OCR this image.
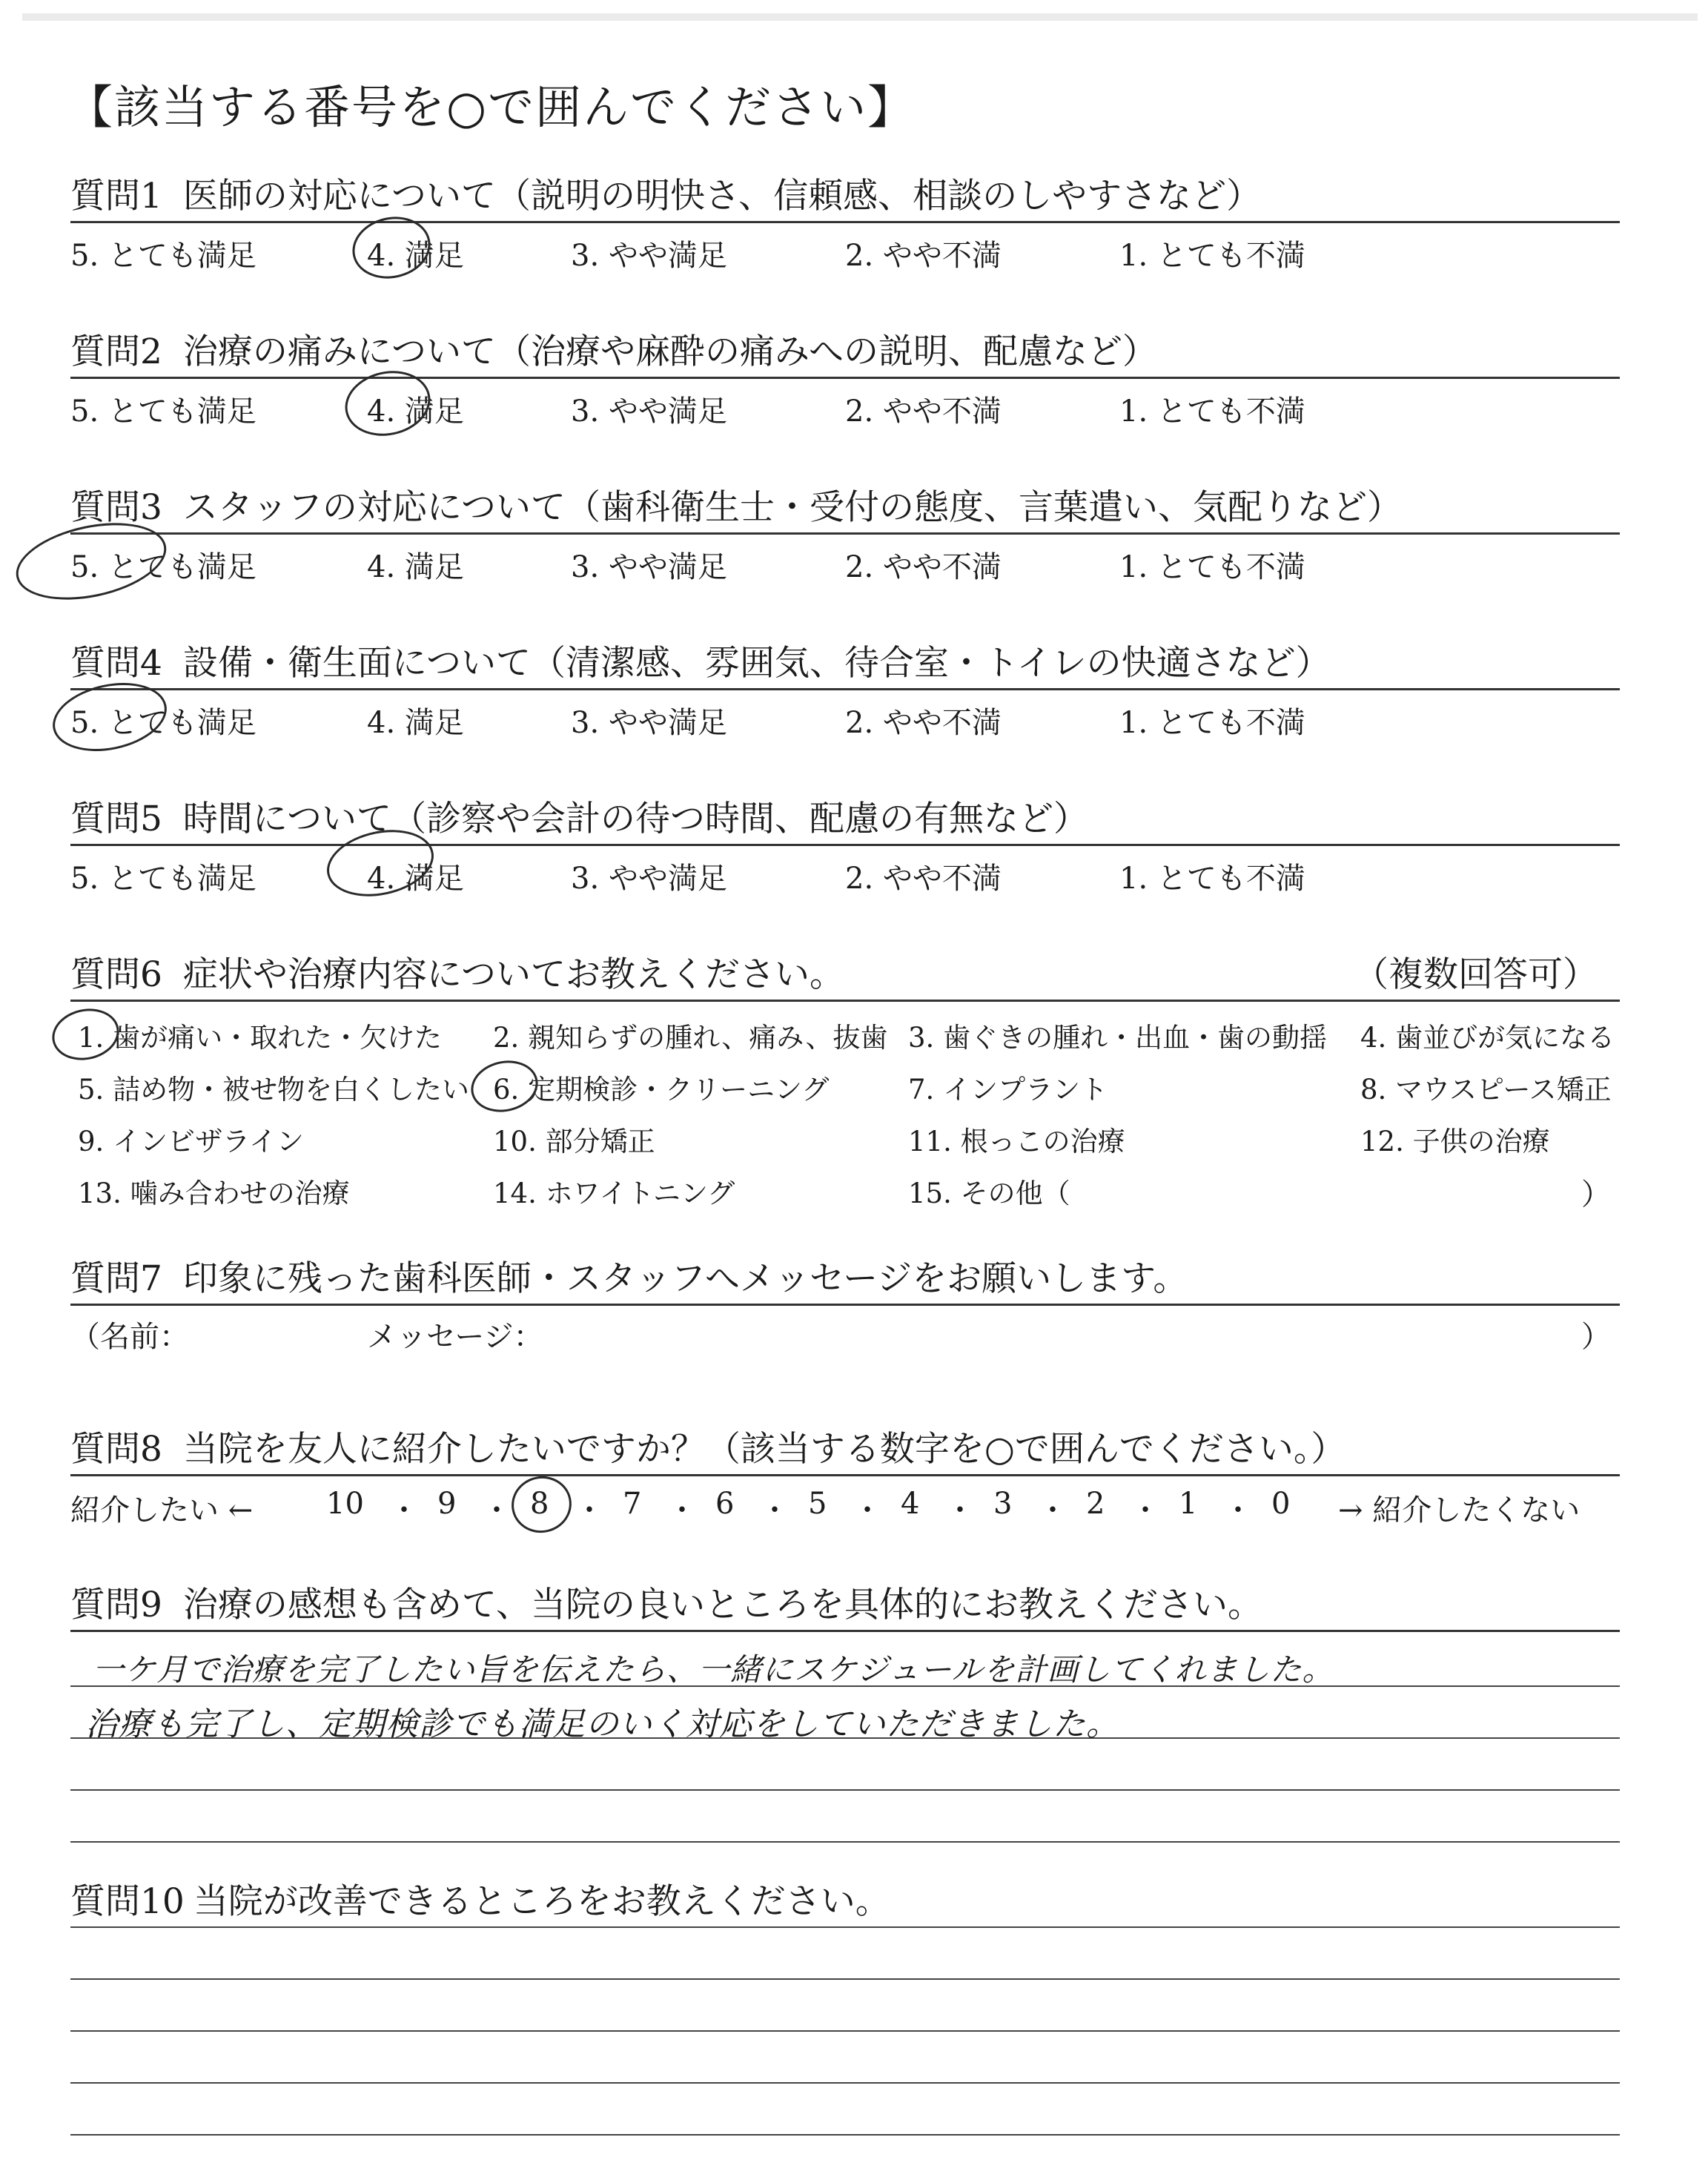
【該当する番号を○で囲んでください】
質問1 医師の対応について（説明の明快さ、信頼感、相談のしやすさなど）
5. とても満足	4. 満足	3. やや満足	2. やや不満	1. とても不満
質問2 治療の痛みについて（治療や麻酔の痛みへの説明、配慮など）
5. とても満足	4. 満足	3. やや満足	2. やや不満	1. とても不満
質問3 スタッフの対応について（歯科衛生士・受付の態度、言葉遣い、気配りなど）
5. とても満足	4. 満足	3. やや満足	2. やや不満	1. とても不満
質問4 設備・衛生面について（清潔感、雰囲気、待合室・トイレの快適さなど）
5. とても満足	4. 満足	3. やや満足	2. やや不満	1. とても不満
質問5 時間について（診察や会計の待つ時間、配慮の有無など）
5. とても満足	4. 満足	3. やや満足	2. やや不満	1. とても不満
質問6 症状や治療内容についてお教えください。	（複数回答可）
1. 歯が痛い・取れた・欠けた 2. 親知らずの腫れ、痛み、抜歯 3. 歯ぐきの腫れ・出血・歯の動揺 4. 歯並びが気になる
5. 詰め物・被せ物を白くしたい 6. 定期検診・クリーニング	7. インプラント	8. マウスピース矯正
9. インビザライン	10. 部分矯正	11. 根っこの治療	12. 子供の治療
13. 噛み合わせの治療	14. ホワイトニング	15. その他（	）
質問7 印象に残った歯科医師・スタッフへメッセージをお願いします。
（名前：	メッセージ：	）
質問8 当院を友人に紹介したいですか？（該当する数字を○で囲んでください。）
紹介したい ← 10 ・ 9 ・ 8 ・ 7 ・ 6 ・ 5 ・ 4 ・ 3 ・ 2 ・ 1 ・ 0 → 紹介したくない
質問9 治療の感想も含めて、当院の良いところを具体的にお教えください。
一ケ月で治療を完了したい旨を伝えたら、一緒にスケジュールを計画してくれました。
治療も完了し、定期検診でも満足のいく対応をしていただきました。
質問10 当院が改善できるところをお教えください。
